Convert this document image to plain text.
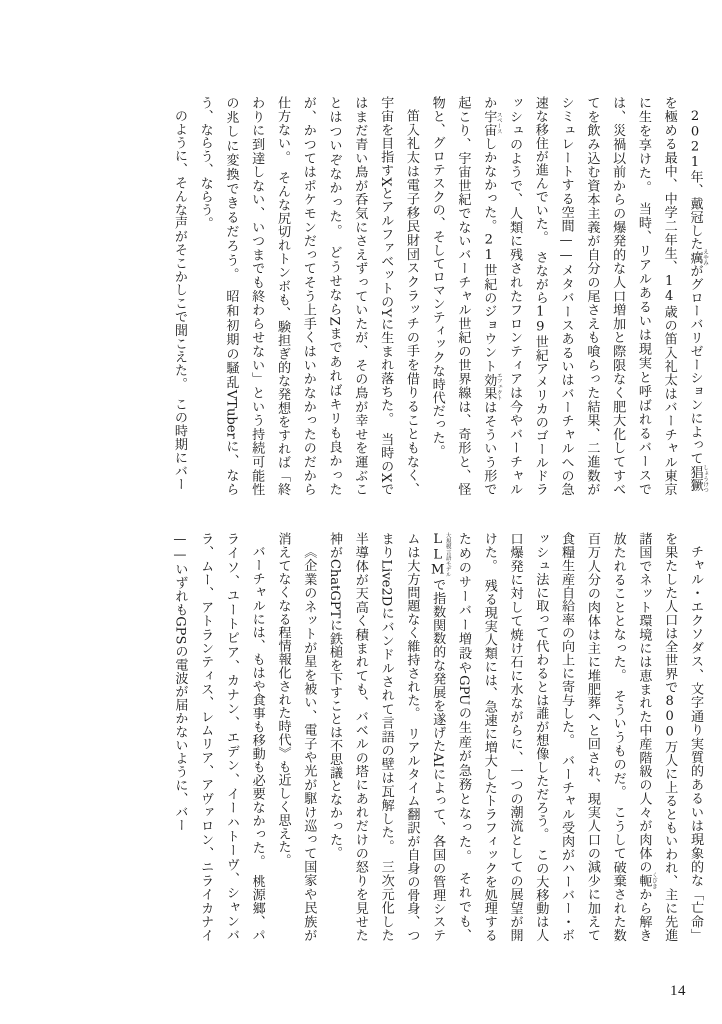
2021年、戴冠した癘 えやみがグローバリゼーションによって猖獗 しょうけつを極める最中、中学二年生、14歳の笛入礼太はバーチャル東京に生を享けた。　当時、リアルあるいは現実と呼ばれるバースでは、災禍以前からの爆発的な人口増加と際限なく肥大化してすべてを飲み込む資本主義が自分の尾さえも喰らった結果、二進数がシミュレートする空間——メタバースあるいはバーチャルへの急速な移住が進んでいた。　さながら19世紀アメリカのゴールドラッシュのようで、人類に残されたフロンティアは今やバーチャルか宇宙 スペースしかなかった。21世紀のジョウント効果 エフェクトはそういう形で起こり、宇宙世紀でないバーチャル世紀の世界線は、奇形と、怪物と、グロテスクの、そしてロマンティックな時代だった。

笛入礼太は電子移民財団スクラッチの手を借りることもなく、宇宙を目指すXとアルファベットのYに生まれ落ちた。　当時のXではまだ青い鳥が呑気にさえずっていたが、その鳥が幸せを運ぶことはついぞなかった。　どうせならZまであればキリも良かったが、かつてはポケモンだってそう上手くはいかなかったのだから仕方ない。　そんな尻切れトンボも、験担ぎ的な発想をすれば「終わりに到達しない、いつまでも終わらせない」という持続可能性の兆しに変換できるだろう。　昭和初期の騒乱VTuberに、ならう、ならう、ならう。

のように、そんな声がそこかしこで聞こえた。　この時期にバー

チャル・エクソダス、文字通り実質的あるいは現象的な「亡命」を果たした人口は全世界で800万人に上るともいわれ、主に先進諸国でネット環境には恵まれた中産階級の人々が肉体の軛 くびきから解き放たれることとなった。　そういうものだ。　こうして破棄された数百万人分の肉体は主に堆肥葬へと回され、現実人口の減少に加えて食糧生産自給率の向上に寄与した。　バーチャル受肉がハーバー・ボッシュ法に取って代わるとは誰が想像しただろう。　この大移動は人口爆発に対して焼け石に水ながらに、一つの潮流としての展望が開けた。　残る現実人類には、急速に増大したトラフィックを処理するためのサーバー増設やGPUの生産が急務となった。　それでも、LLM 大規模言語モデルで指数関数的な発展を遂げたAIによって、各国の管理システムは大方問題なく維持された。　リアルタイム翻訳が自身の骨身、つまりLive2Dにバンドルされて言語の壁は瓦解した。　三次元化した半導体が天高く積まれても、バベルの塔にあれだけの怒りを見せた神がChatGPTに鉄槌を下すことは不思議となかった。

《企業のネットが星を被い、電子や光が駆け巡って国家や民族が消えてなくなる程情報化された時代》も近しく思えた。

バーチャルには、もはや食事も移動も必要なかった。　桃源郷、パライソ、ユートピア、カナン、エデン、イーハトーヴ、シャンバラ、ムー、アトランティス、レムリア、アヴァロン、ニライカナイ——いずれもGPSの電波が届かないように、バー

14
